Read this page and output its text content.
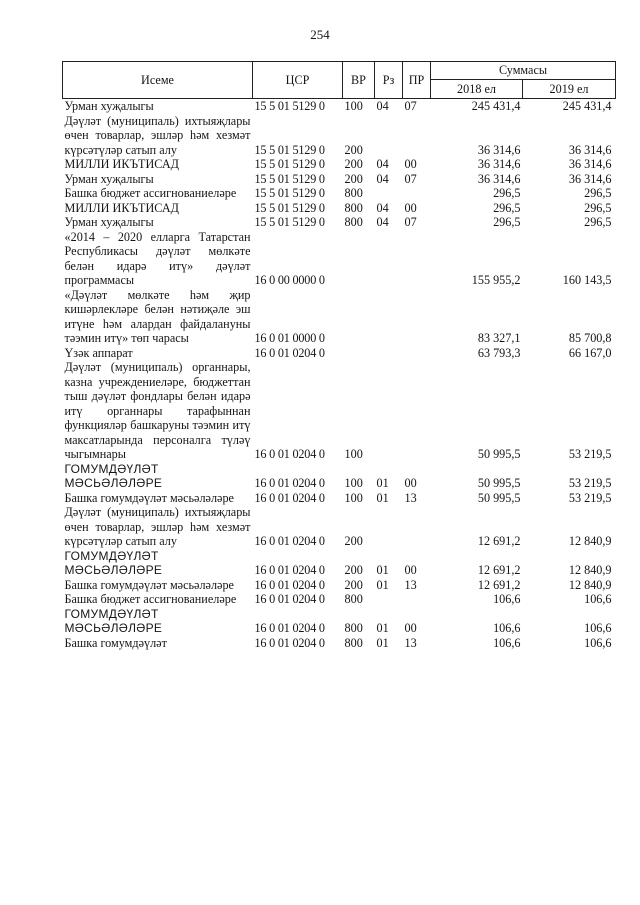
254
Исеме	ЦСР	ВР	Рз	ПР	Суммасы	
					2018 ел	2019 ел
Урман хуҗалыгы	15 5 01 5129 0	100	04	07	245 431,4	245 431,4
Дәүләт (муниципаль) ихтыяҗлары өчен товарлар, эшләр һәм хезмәт күрсәтүләр сатып алу	15 5 01 5129 0	200			36 314,6	36 314,6
МИЛЛИ ИКЪТИСАД	15 5 01 5129 0	200	04	00	36 314,6	36 314,6
Урман хуҗалыгы	15 5 01 5129 0	200	04	07	36 314,6	36 314,6
Башка бюджет ассигнованиеләре	15 5 01 5129 0	800			296,5	296,5
МИЛЛИ ИКЪТИСАД	15 5 01 5129 0	800	04	00	296,5	296,5
Урман хуҗалыгы	15 5 01 5129 0	800	04	07	296,5	296,5
«2014 – 2020 елларга Татарстан Республикасы дәүләт мөлкәте белән идарә итү» дәүләт программасы	16 0 00 0000 0				155 955,2	160 143,5
«Дәүләт мөлкәте һәм җир кишәрлекләре белән нәтиҗәле эш итүне һәм алардан файдалануны тәэмин итү» төп чарасы	16 0 01 0000 0				83 327,1	85 700,8
Үзәк аппарат	16 0 01 0204 0				63 793,3	66 167,0
Дәүләт (муниципаль) органнары, казна учреждениеләре, бюджеттан тыш дәүләт фондлары белән идарә итү органнары тарафыннан функцияләр башкаруны тәэмин итү максатларында персоналга түләү чыгымнары	16 0 01 0204 0	100			50 995,5	53 219,5
ГОМУМДӘҮЛӘТ МӘСЬӘЛӘЛӘРЕ	16 0 01 0204 0	100	01	00	50 995,5	53 219,5
Башка гомумдәүләт мәсьәләләре	16 0 01 0204 0	100	01	13	50 995,5	53 219,5
Дәүләт (муниципаль) ихтыяҗлары өчен товарлар, эшләр һәм хезмәт күрсәтүләр сатып алу	16 0 01 0204 0	200			12 691,2	12 840,9
ГОМУМДӘҮЛӘТ МӘСЬӘЛӘЛӘРЕ	16 0 01 0204 0	200	01	00	12 691,2	12 840,9
Башка гомумдәүләт мәсьәләләре	16 0 01 0204 0	200	01	13	12 691,2	12 840,9
Башка бюджет ассигнованиеләре	16 0 01 0204 0	800			106,6	106,6
ГОМУМДӘҮЛӘТ МӘСЬӘЛӘЛӘРЕ	16 0 01 0204 0	800	01	00	106,6	106,6
Башка гомумдәүләт	16 0 01 0204 0	800	01	13	106,6	106,6
